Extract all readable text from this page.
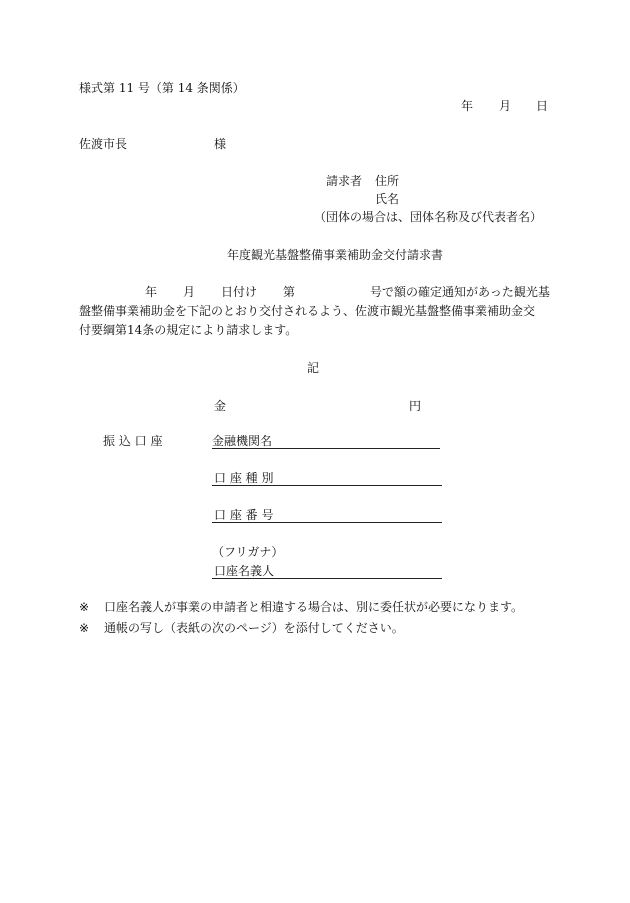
様式第 11 号（第 14 条関係）
年 月 日
佐渡市長	様
請求者 住所
氏名
（団体の場合は、団体名称及び代表者名）
年度観光基盤整備事業補助金交付請求書
年 月 日付け 第	号で額の確定通知があった観光基
盤整備事業補助金を下記のとおり交付されるよう、佐渡市観光基盤整備事業補助金交
付要綱第14条の規定により請求します。
記
金	円
振 込 口 座	金融機関名
口 座 種 別
口 座 番 号
（フリガナ）
口座名義人
※ 口座名義人が事業の申請者と相違する場合は、別に委任状が必要になります。
※ 通帳の写し（表紙の次のページ）を添付してください。
